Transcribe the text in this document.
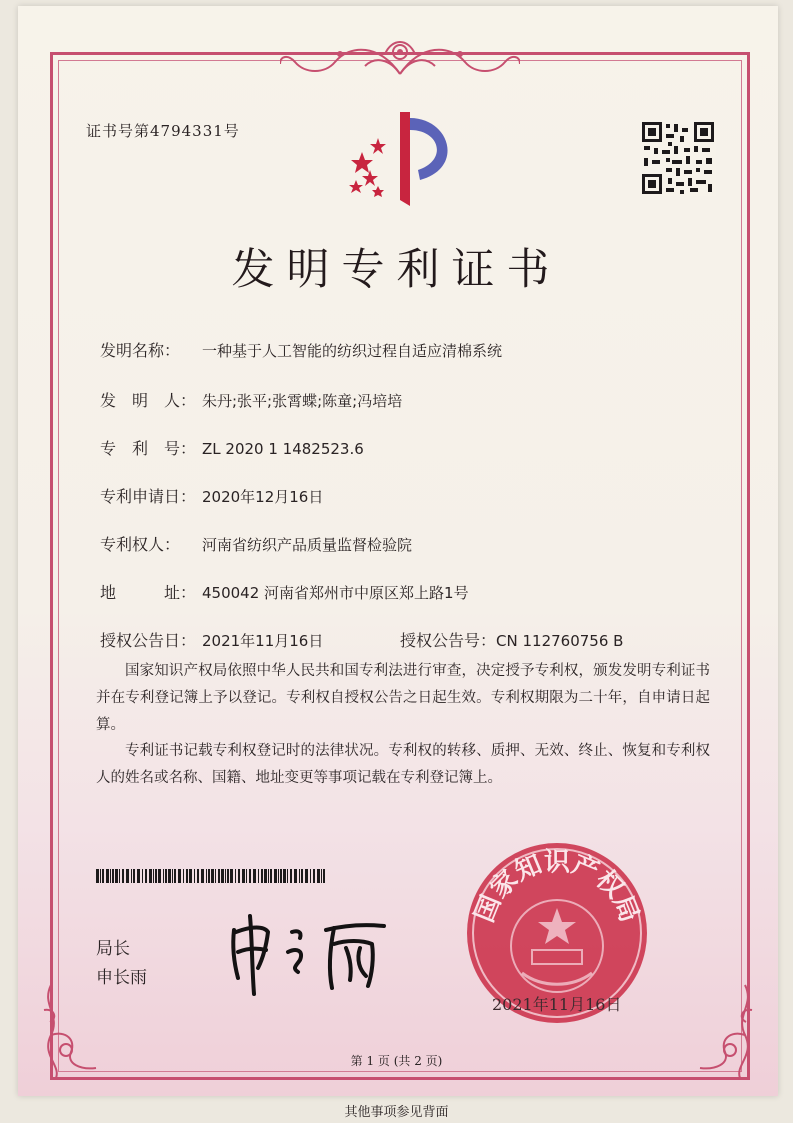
证书号第4794331号
发明专利证书
发明名称： 一种基于人工智能的纺织过程自适应清棉系统
发　明　人： 朱丹;张平;张霄蝶;陈童;冯培培
专　利　号： ZL 2020 1 1482523.6
专利申请日： 2020年12月16日
专利权人： 河南省纺织产品质量监督检验院
地　　　址： 450042 河南省郑州市中原区郑上路1号
授权公告日： 2021年11月16日	授权公告号：CN 112760756 B
国家知识产权局依照中华人民共和国专利法进行审查，决定授予专利权，颁发发明专利证书并在专利登记簿上予以登记。专利权自授权公告之日起生效。专利权期限为二十年，自申请日起算。
专利证书记载专利权登记时的法律状况。专利权的转移、质押、无效、终止、恢复和专利权人的姓名或名称、国籍、地址变更等事项记载在专利登记簿上。
局长
申长雨
国家知识产权局
2021年11月16日
第 1 页 (共 2 页)
其他事项参见背面
